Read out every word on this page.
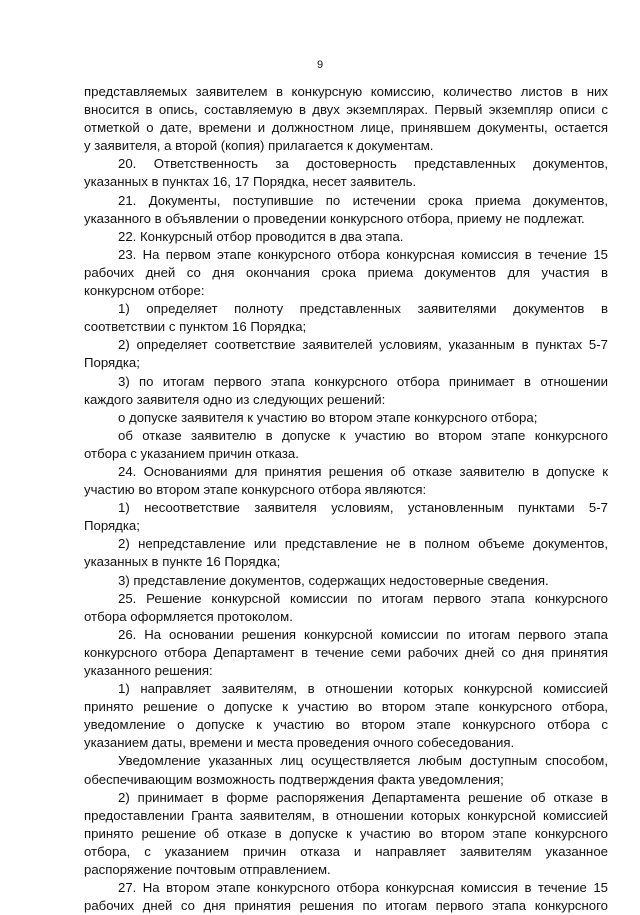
9
представляемых заявителем в конкурсную комиссию, количество листов в них
вносится в опись, составляемую в двух экземплярах. Первый экземпляр описи с
отметкой о дате, времени и должностном лице, принявшем документы, остается
у заявителя, а второй (копия) прилагается к документам.
20. Ответственность за достоверность представленных документов,
указанных в пунктах 16, 17 Порядка, несет заявитель.
21. Документы, поступившие по истечении срока приема документов,
указанного в объявлении о проведении конкурсного отбора, приему не подлежат.
22. Конкурсный отбор проводится в два этапа.
23. На первом этапе конкурсного отбора конкурсная комиссия в течение 15
рабочих дней со дня окончания срока приема документов для участия в
конкурсном отборе:
1) определяет полноту представленных заявителями документов в
соответствии с пунктом 16 Порядка;
2) определяет соответствие заявителей условиям, указанным в пунктах 5-7
Порядка;
3) по итогам первого этапа конкурсного отбора принимает в отношении
каждого заявителя одно из следующих решений:
о допуске заявителя к участию во втором этапе конкурсного отбора;
об отказе заявителю в допуске к участию во втором этапе конкурсного
отбора с указанием причин отказа.
24. Основаниями для принятия решения об отказе заявителю в допуске к
участию во втором этапе конкурсного отбора являются:
1) несоответствие заявителя условиям, установленным пунктами 5-7
Порядка;
2) непредставление или представление не в полном объеме документов,
указанных в пункте 16 Порядка;
3) представление документов, содержащих недостоверные сведения.
25. Решение конкурсной комиссии по итогам первого этапа конкурсного
отбора оформляется протоколом.
26. На основании решения конкурсной комиссии по итогам первого этапа
конкурсного отбора Департамент в течение семи рабочих дней со дня принятия
указанного решения:
1) направляет заявителям, в отношении которых конкурсной комиссией
принято решение о допуске к участию во втором этапе конкурсного отбора,
уведомление о допуске к участию во втором этапе конкурсного отбора с
указанием даты, времени и места проведения очного собеседования.
Уведомление указанных лиц осуществляется любым доступным способом,
обеспечивающим возможность подтверждения факта уведомления;
2) принимает в форме распоряжения Департамента решение об отказе в
предоставлении Гранта заявителям, в отношении которых конкурсной комиссией
принято решение об отказе в допуске к участию во втором этапе конкурсного
отбора, с указанием причин отказа и направляет заявителям указанное
распоряжение почтовым отправлением.
27. На втором этапе конкурсного отбора конкурсная комиссия в течение 15
рабочих дней со дня принятия решения по итогам первого этапа конкурсного
